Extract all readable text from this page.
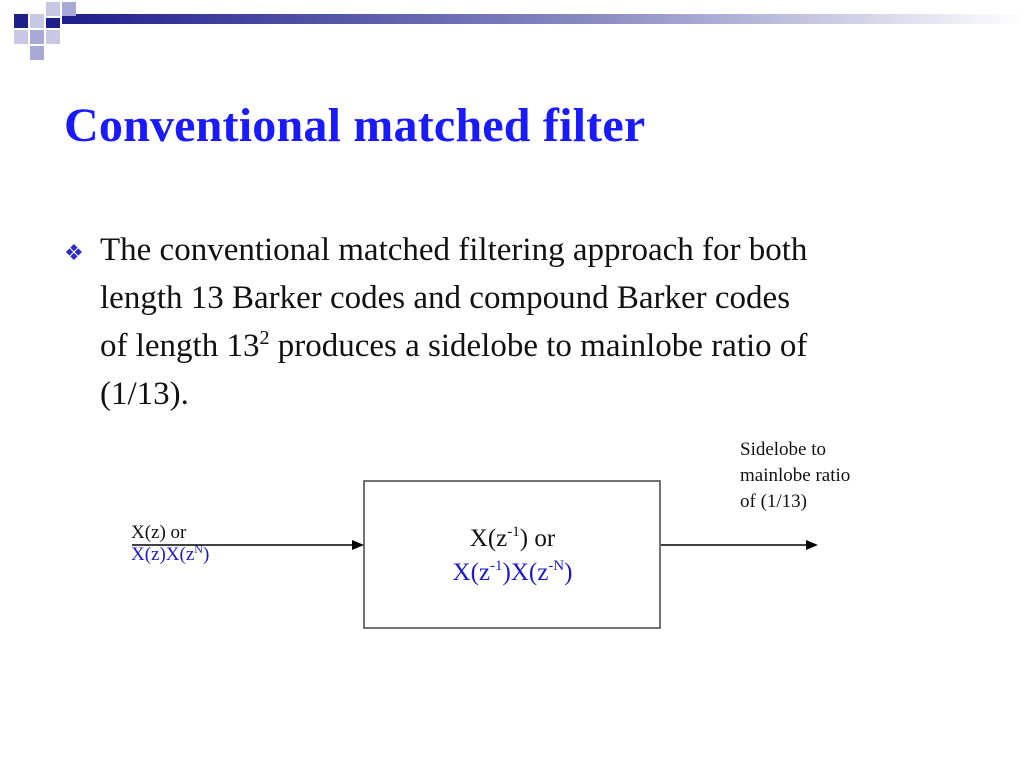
Conventional matched filter
❖ The conventional matched filtering approach for both
length 13 Barker codes and compound Barker codes
of length $13^2$ produces a sidelobe to mainlobe ratio of
(1/13).
X(z) or
$X(z)X(z^N)$
$X(z^{-1})$ or
$X(z^{-1})X(z^{-N})$
Sidelobe to
mainlobe ratio
of (1/13)
